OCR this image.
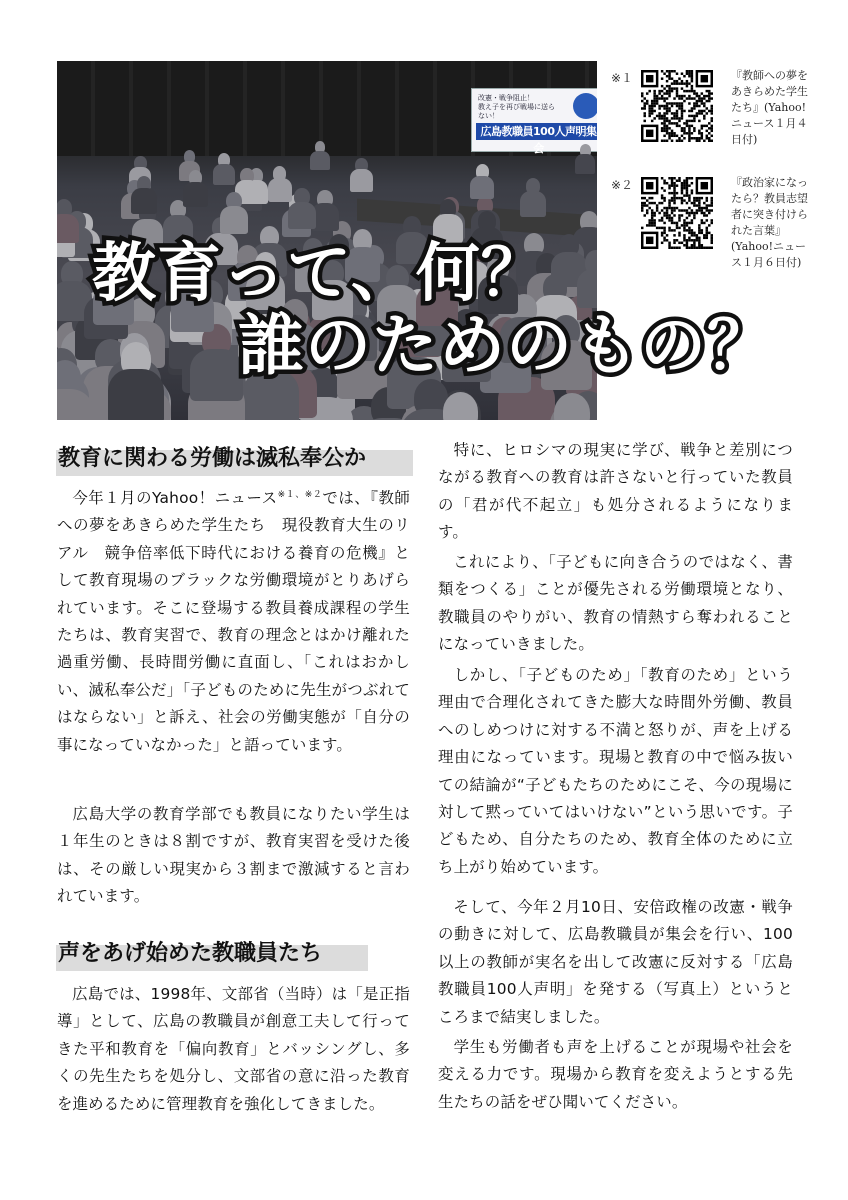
改憲・戦争阻止！
教え子を再び戦場に送らない！
広島教職員100人声明集会
教育って、何？
誰のためのもの？
※１	『教師への夢をあきらめた学生たち』(Yahoo!ニュース１月４日付)
※２	『政治家になったら？教員志望者に突き付けられた言葉』(Yahoo!ニュース１月６日付)
教育に関わる労働は滅私奉公か
今年１月のYahoo！ニュース$^{※1、※2}$では、『教師への夢をあきらめた学生たち　現役教育大生のリアル　競争倍率低下時代における養育の危機』として教育現場のブラックな労働環境がとりあげられています。そこに登場する教員養成課程の学生たちは、教育実習で、教育の理念とはかけ離れた過重労働、長時間労働に直面し、「これはおかしい、滅私奉公だ」「子どものために先生がつぶれてはならない」と訴え、社会の労働実態が「自分の事になっていなかった」と語っています。
広島大学の教育学部でも教員になりたい学生は１年生のときは８割ですが、教育実習を受けた後は、その厳しい現実から３割まで激減すると言われています。
声をあげ始めた教職員たち
広島では、1998年、文部省（当時）は「是正指導」として、広島の教職員が創意工夫して行ってきた平和教育を「偏向教育」とバッシングし、多くの先生たちを処分し、文部省の意に沿った教育を進めるために管理教育を強化してきました。
特に、ヒロシマの現実に学び、戦争と差別につながる教育への教育は許さないと行っていた教員の「君が代不起立」も処分されるようになります。
これにより、「子どもに向き合うのではなく、書類をつくる」ことが優先される労働環境となり、教職員のやりがい、教育の情熱すら奪われることになっていきました。
しかし、「子どものため」「教育のため」という理由で合理化されてきた膨大な時間外労働、教員へのしめつけに対する不満と怒りが、声を上げる理由になっています。現場と教育の中で悩み抜いての結論が“子どもたちのためにこそ、今の現場に対して黙っていてはいけない”という思いです。子どもため、自分たちのため、教育全体のために立ち上がり始めています。
そして、今年２月10日、安倍政権の改憲・戦争の動きに対して、広島教職員が集会を行い、100以上の教師が実名を出して改憲に反対する「広島教職員100人声明」を発する（写真上）というところまで結実しました。
学生も労働者も声を上げることが現場や社会を変える力です。現場から教育を変えようとする先生たちの話をぜひ聞いてください。
